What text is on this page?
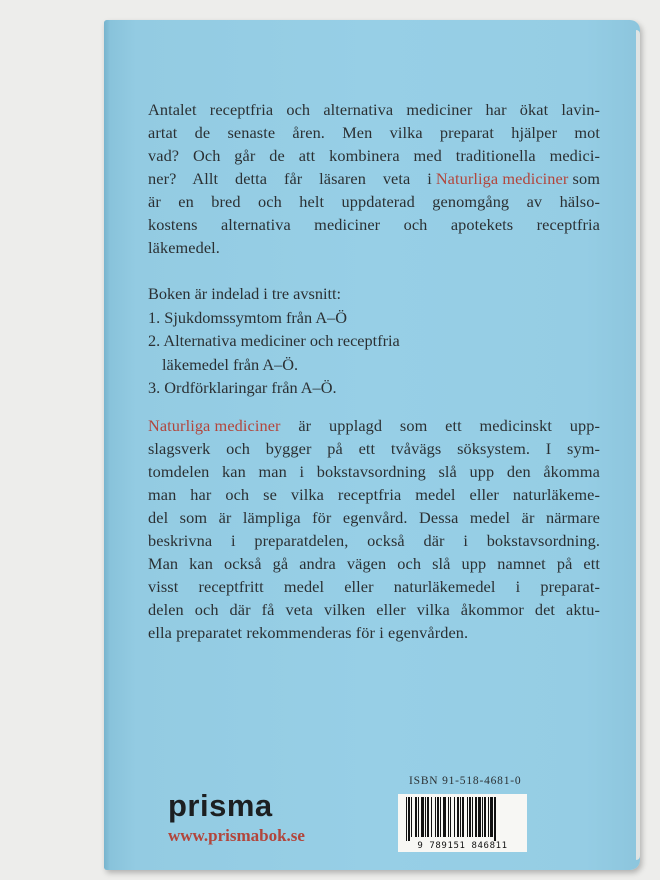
Antalet receptfria och alternativa mediciner har ökat lavin-
artat de senaste åren. Men vilka preparat hjälper mot
vad? Och går de att kombinera med traditionella medici-
ner? Allt detta får läsaren veta i Naturliga mediciner som
är en bred och helt uppdaterad genomgång av hälso-
kostens alternativa mediciner och apotekets receptfria
läkemedel.
Boken är indelad i tre avsnitt:
1. Sjukdomssymtom från A–Ö
2. Alternativa mediciner och receptfria
läkemedel från A–Ö.
3. Ordförklaringar från A–Ö.
Naturliga mediciner är upplagd som ett medicinskt upp-
slagsverk och bygger på ett tvåvägs söksystem. I sym-
tomdelen kan man i bokstavsordning slå upp den åkomma
man har och se vilka receptfria medel eller naturläkeme-
del som är lämpliga för egenvård. Dessa medel är närmare
beskrivna i preparatdelen, också där i bokstavsordning.
Man kan också gå andra vägen och slå upp namnet på ett
visst receptfritt medel eller naturläkemedel i preparat-
delen och där få veta vilken eller vilka åkommor det aktu-
ella preparatet rekommenderas för i egenvården.
prisma
www.prismabok.se
ISBN 91-518-4681-0
9 789151 846811
